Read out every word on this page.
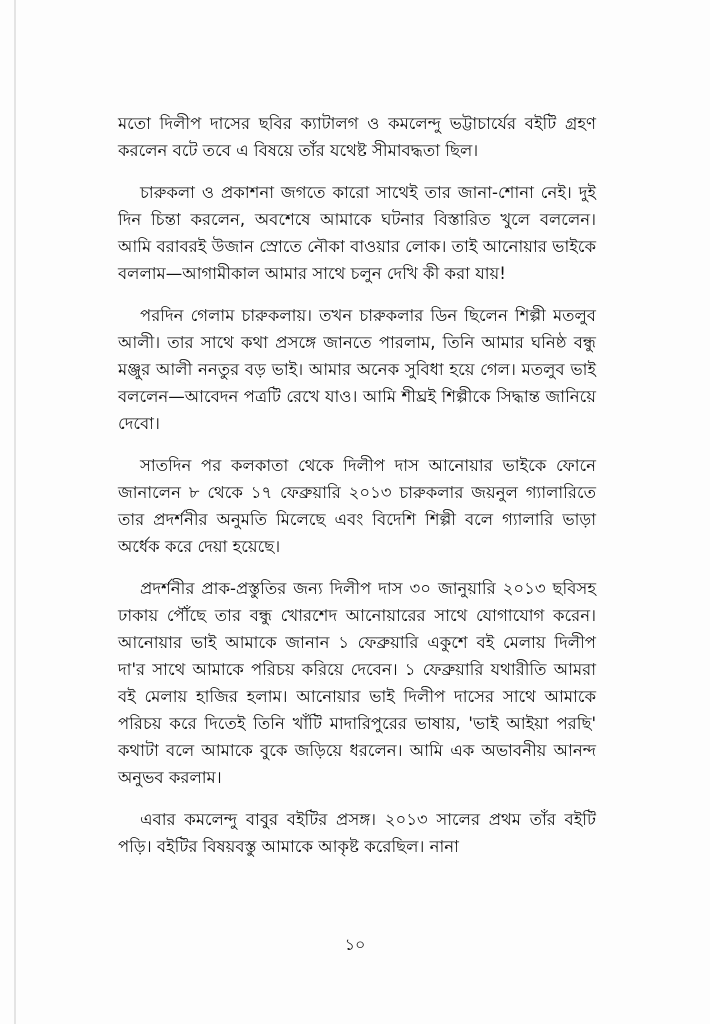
মতো দিলীপ দাসের ছবির ক্যাটালগ ও কমলেন্দু ভট্টাচার্যের বইটি গ্রহণ করলেন বটে তবে এ বিষয়ে তাঁর যথেষ্ট সীমাবদ্ধতা ছিল।

চারুকলা ও প্রকাশনা জগতে কারো সাথেই তার জানা-শোনা নেই। দুই দিন চিন্তা করলেন, অবশেষে আমাকে ঘটনার বিস্তারিত খুলে বললেন। আমি বরাবরই উজান স্রোতে নৌকা বাওয়ার লোক। তাই আনোয়ার ভাইকে বললাম—আগামীকাল আমার সাথে চলুন দেখি কী করা যায়!

পরদিন গেলাম চারুকলায়। তখন চারুকলার ডিন ছিলেন শিল্পী মতলুব আলী। তার সাথে কথা প্রসঙ্গে জানতে পারলাম, তিনি আমার ঘনিষ্ঠ বন্ধু মঞ্জুর আলী ননতুর বড় ভাই। আমার অনেক সুবিধা হয়ে গেল। মতলুব ভাই বললেন—আবেদন পত্রটি রেখে যাও। আমি শীঘ্রই শিল্পীকে সিদ্ধান্ত জানিয়ে দেবো।

সাতদিন পর কলকাতা থেকে দিলীপ দাস আনোয়ার ভাইকে ফোনে জানালেন ৮ থেকে ১৭ ফেব্রুয়ারি ২০১৩ চারুকলার জয়নুল গ্যালারিতে তার প্রদর্শনীর অনুমতি মিলেছে এবং বিদেশি শিল্পী বলে গ্যালারি ভাড়া অর্ধেক করে দেয়া হয়েছে।

প্রদর্শনীর প্রাক-প্রস্তুতির জন্য দিলীপ দাস ৩০ জানুয়ারি ২০১৩ ছবিসহ ঢাকায় পৌঁছে তার বন্ধু খোরশেদ আনোয়ারের সাথে যোগাযোগ করেন। আনোয়ার ভাই আমাকে জানান ১ ফেব্রুয়ারি একুশে বই মেলায় দিলীপ দা'র সাথে আমাকে পরিচয় করিয়ে দেবেন। ১ ফেব্রুয়ারি যথারীতি আমরা বই মেলায় হাজির হলাম। আনোয়ার ভাই দিলীপ দাসের সাথে আমাকে পরিচয় করে দিতেই তিনি খাঁটি মাদারিপুরের ভাষায়, 'ভাই আইয়া পরছি' কথাটা বলে আমাকে বুকে জড়িয়ে ধরলেন। আমি এক অভাবনীয় আনন্দ অনুভব করলাম।

এবার কমলেন্দু বাবুর বইটির প্রসঙ্গ। ২০১৩ সালের প্রথম তাঁর বইটি পড়ি। বইটির বিষয়বস্তু আমাকে আকৃষ্ট করেছিল। নানা

১০
